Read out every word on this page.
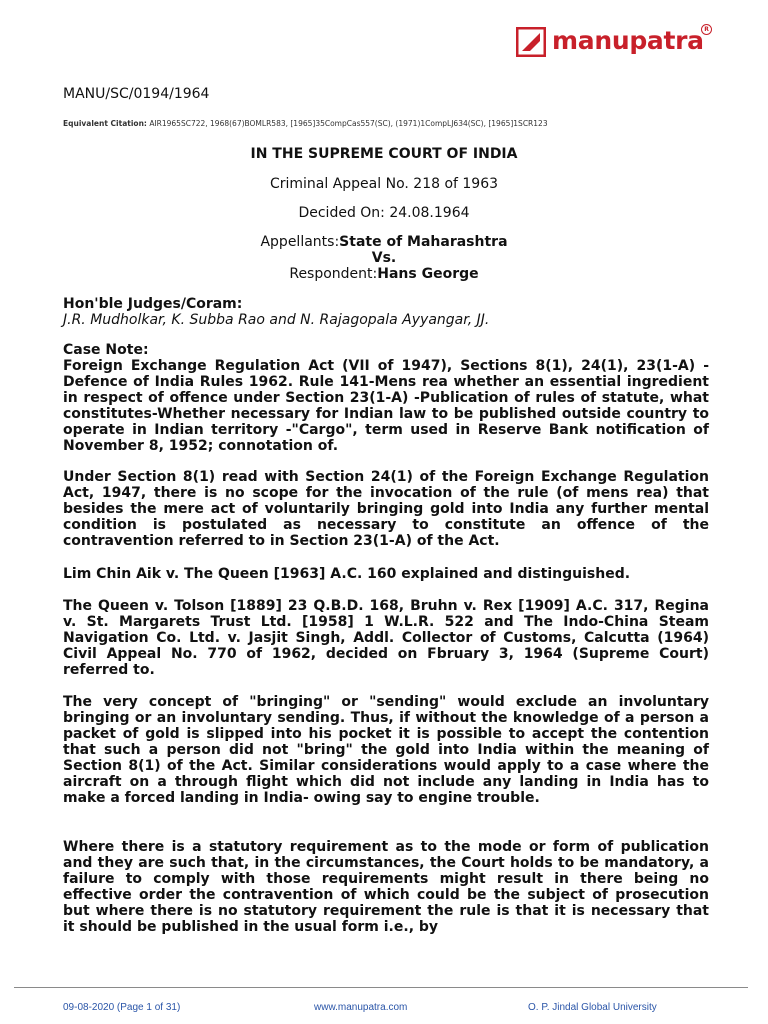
manupatra R
MANU/SC/0194/1964
Equivalent Citation: AIR1965SC722, 1968(67)BOMLR583, [1965]35CompCas557(SC), (1971)1CompLJ634(SC), [1965]1SCR123
IN THE SUPREME COURT OF INDIA
Criminal Appeal No. 218 of 1963
Decided On: 24.08.1964
Appellants:State of Maharashtra
Vs.
Respondent:Hans George
Hon'ble Judges/Coram:
J.R. Mudholkar, K. Subba Rao and N. Rajagopala Ayyangar, JJ.
Case Note:
Foreign Exchange Regulation Act (VII of 1947), Sections 8(1), 24(1), 23(1-A) - Defence of India Rules 1962. Rule 141-Mens rea whether an essential ingredient in respect of offence under Section 23(1-A) -Publication of rules of statute, what constitutes-Whether necessary for Indian law to be published outside country to operate in Indian territory -"Cargo", term used in Reserve Bank notification of November 8, 1952; connotation of.
Under Section 8(1) read with Section 24(1) of the Foreign Exchange Regulation Act, 1947, there is no scope for the invocation of the rule (of mens rea) that besides the mere act of voluntarily bringing gold into India any further mental condition is postulated as necessary to constitute an offence of the contravention referred to in Section 23(1-A) of the Act.
Lim Chin Aik v. The Queen [1963] A.C. 160 explained and distinguished.
The Queen v. Tolson [1889] 23 Q.B.D. 168, Bruhn v. Rex [1909] A.C. 317, Regina v. St. Margarets Trust Ltd. [1958] 1 W.L.R. 522 and The Indo-China Steam Navigation Co. Ltd. v. Jasjit Singh, Addl. Collector of Customs, Calcutta (1964) Civil Appeal No. 770 of 1962, decided on Fbruary 3, 1964 (Supreme Court) referred to.
The very concept of "bringing" or "sending" would exclude an involuntary bringing or an involuntary sending. Thus, if without the knowledge of a person a packet of gold is slipped into his pocket it is possible to accept the contention that such a person did not "bring" the gold into India within the meaning of Section 8(1) of the Act. Similar considerations would apply to a case where the aircraft on a through flight which did not include any landing in India has to make a forced landing in India- owing say to engine trouble.
Where there is a statutory requirement as to the mode or form of publication and they are such that, in the circumstances, the Court holds to be mandatory, a failure to comply with those requirements might result in there being no effective order the contravention of which could be the subject of prosecution but where there is no statutory requirement the rule is that it is necessary that it should be published in the usual form i.e., by
09-08-2020 (Page 1 of 31)	www.manupatra.com	O. P. Jindal Global University
